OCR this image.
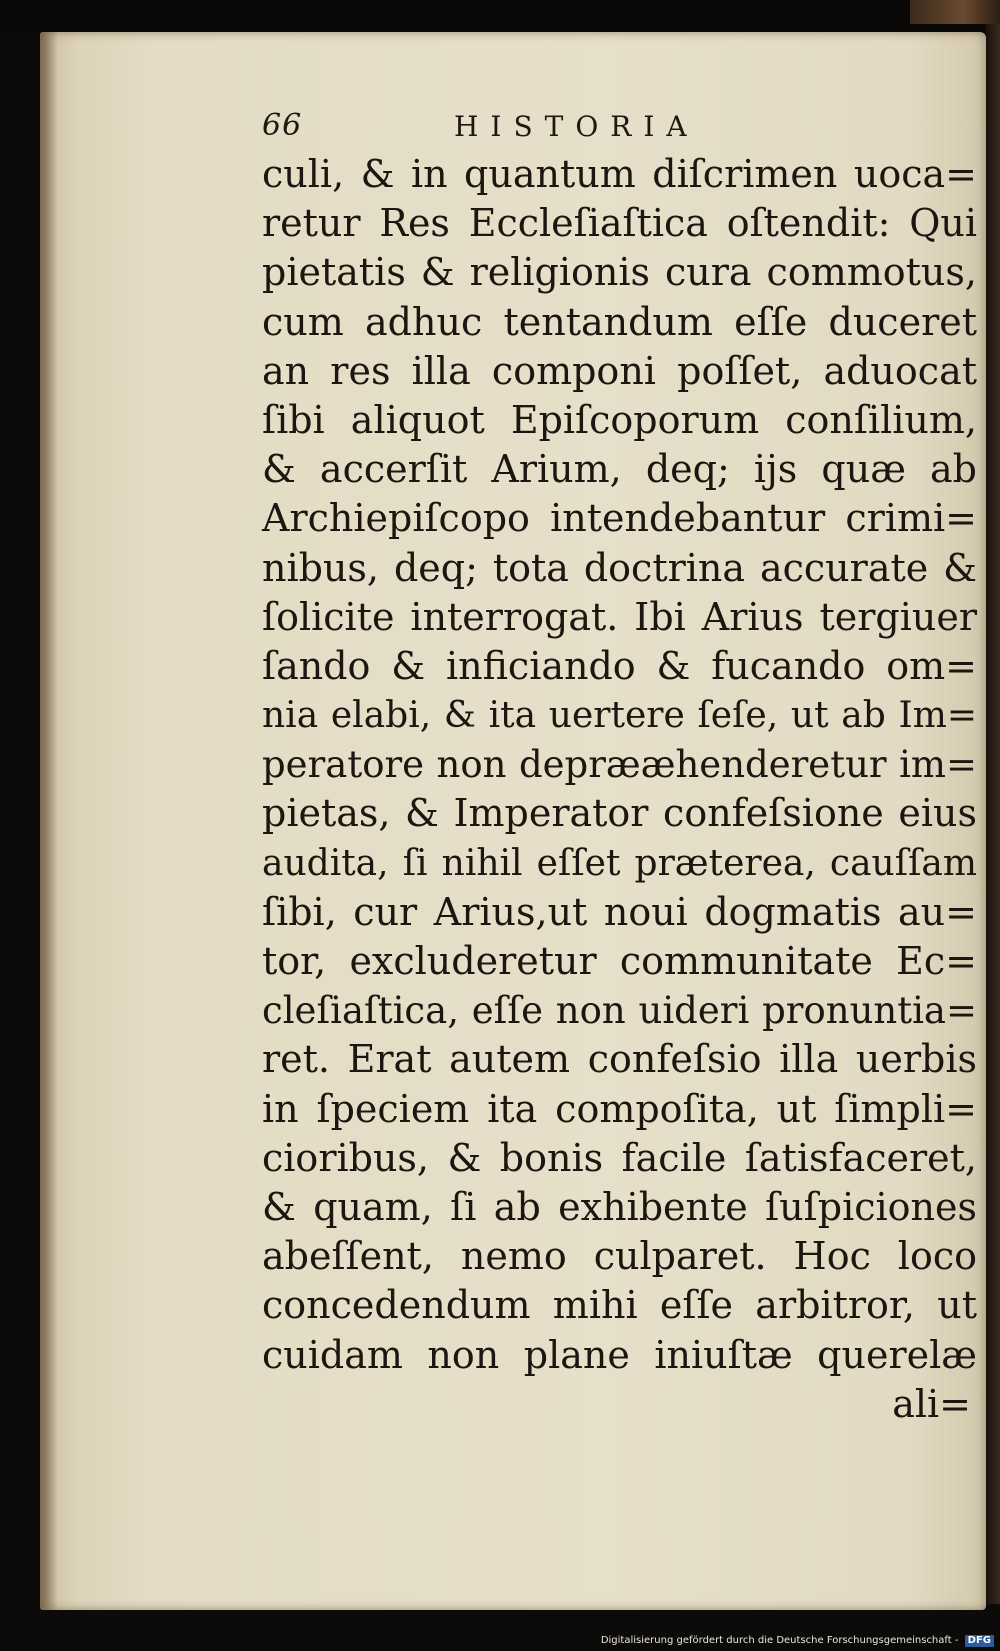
66	HISTORIA
culi, & in quantum diſcrimen uoca=
retur Res Eccleſiaſtica oſtendit: Qui
pietatis & religionis cura commotus,
cum adhuc tentandum eſſe duceret
an res illa componi poſſet, aduocat
ſibi aliquot Epiſcoporum conſilium,
& accerſit Arium, deq; ijs quæ ab
Archiepiſcopo intendebantur crimi=
nibus, deq; tota doctrina accurate &
ſolicite interrogat. Ibi Arius tergiuer
ſando & inficiando & fucando om=
nia elabi, & ita uertere ſeſe, ut ab Im=
peratore non deprææhenderetur im=
pietas, & Imperator confeſsione eius
audita, ſi nihil eſſet præterea, cauſſam
ſibi, cur Arius,ut noui dogmatis au=
tor, excluderetur communitate Ec=
cleſiaſtica, eſſe non uideri pronuntia=
ret. Erat autem confeſsio illa uerbis
in ſpeciem ita compoſita, ut ſimpli=
cioribus, & bonis facile ſatisfaceret,
& quam, ſi ab exhibente ſuſpiciones
abeſſent, nemo culparet. Hoc loco
concedendum mihi eſſe arbitror, ut
cuidam non plane iniuſtæ querelæ
ali=
Digitalisierung gefördert durch die Deutsche Forschungsgemeinschaft - DFG
